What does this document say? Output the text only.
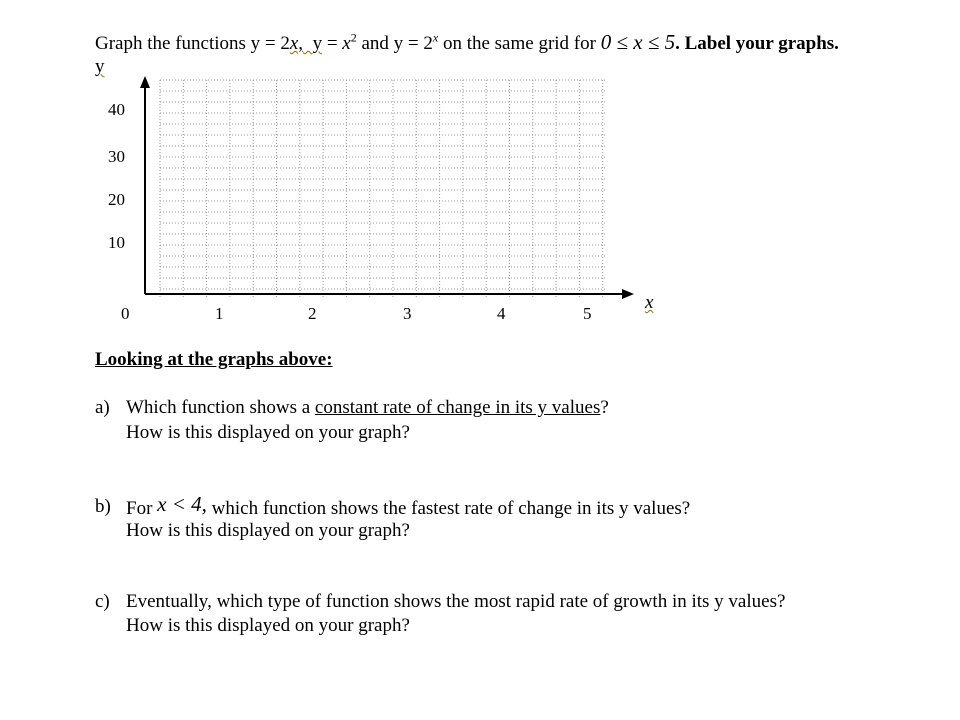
Graph the functions y = 2x, $y = x^2$ and $y = 2^x$ on the same grid for 0 ≤ x ≤ 5. Label your graphs.
y
x
40
30
20
10
0	1	2	3	4	5
Looking at the graphs above:
a) Which function shows a constant rate of change in its y values?
How is this displayed on your graph?
b) For x < 4, which function shows the fastest rate of change in its y values?
How is this displayed on your graph?
c) Eventually, which type of function shows the most rapid rate of growth in its y values?
How is this displayed on your graph?
